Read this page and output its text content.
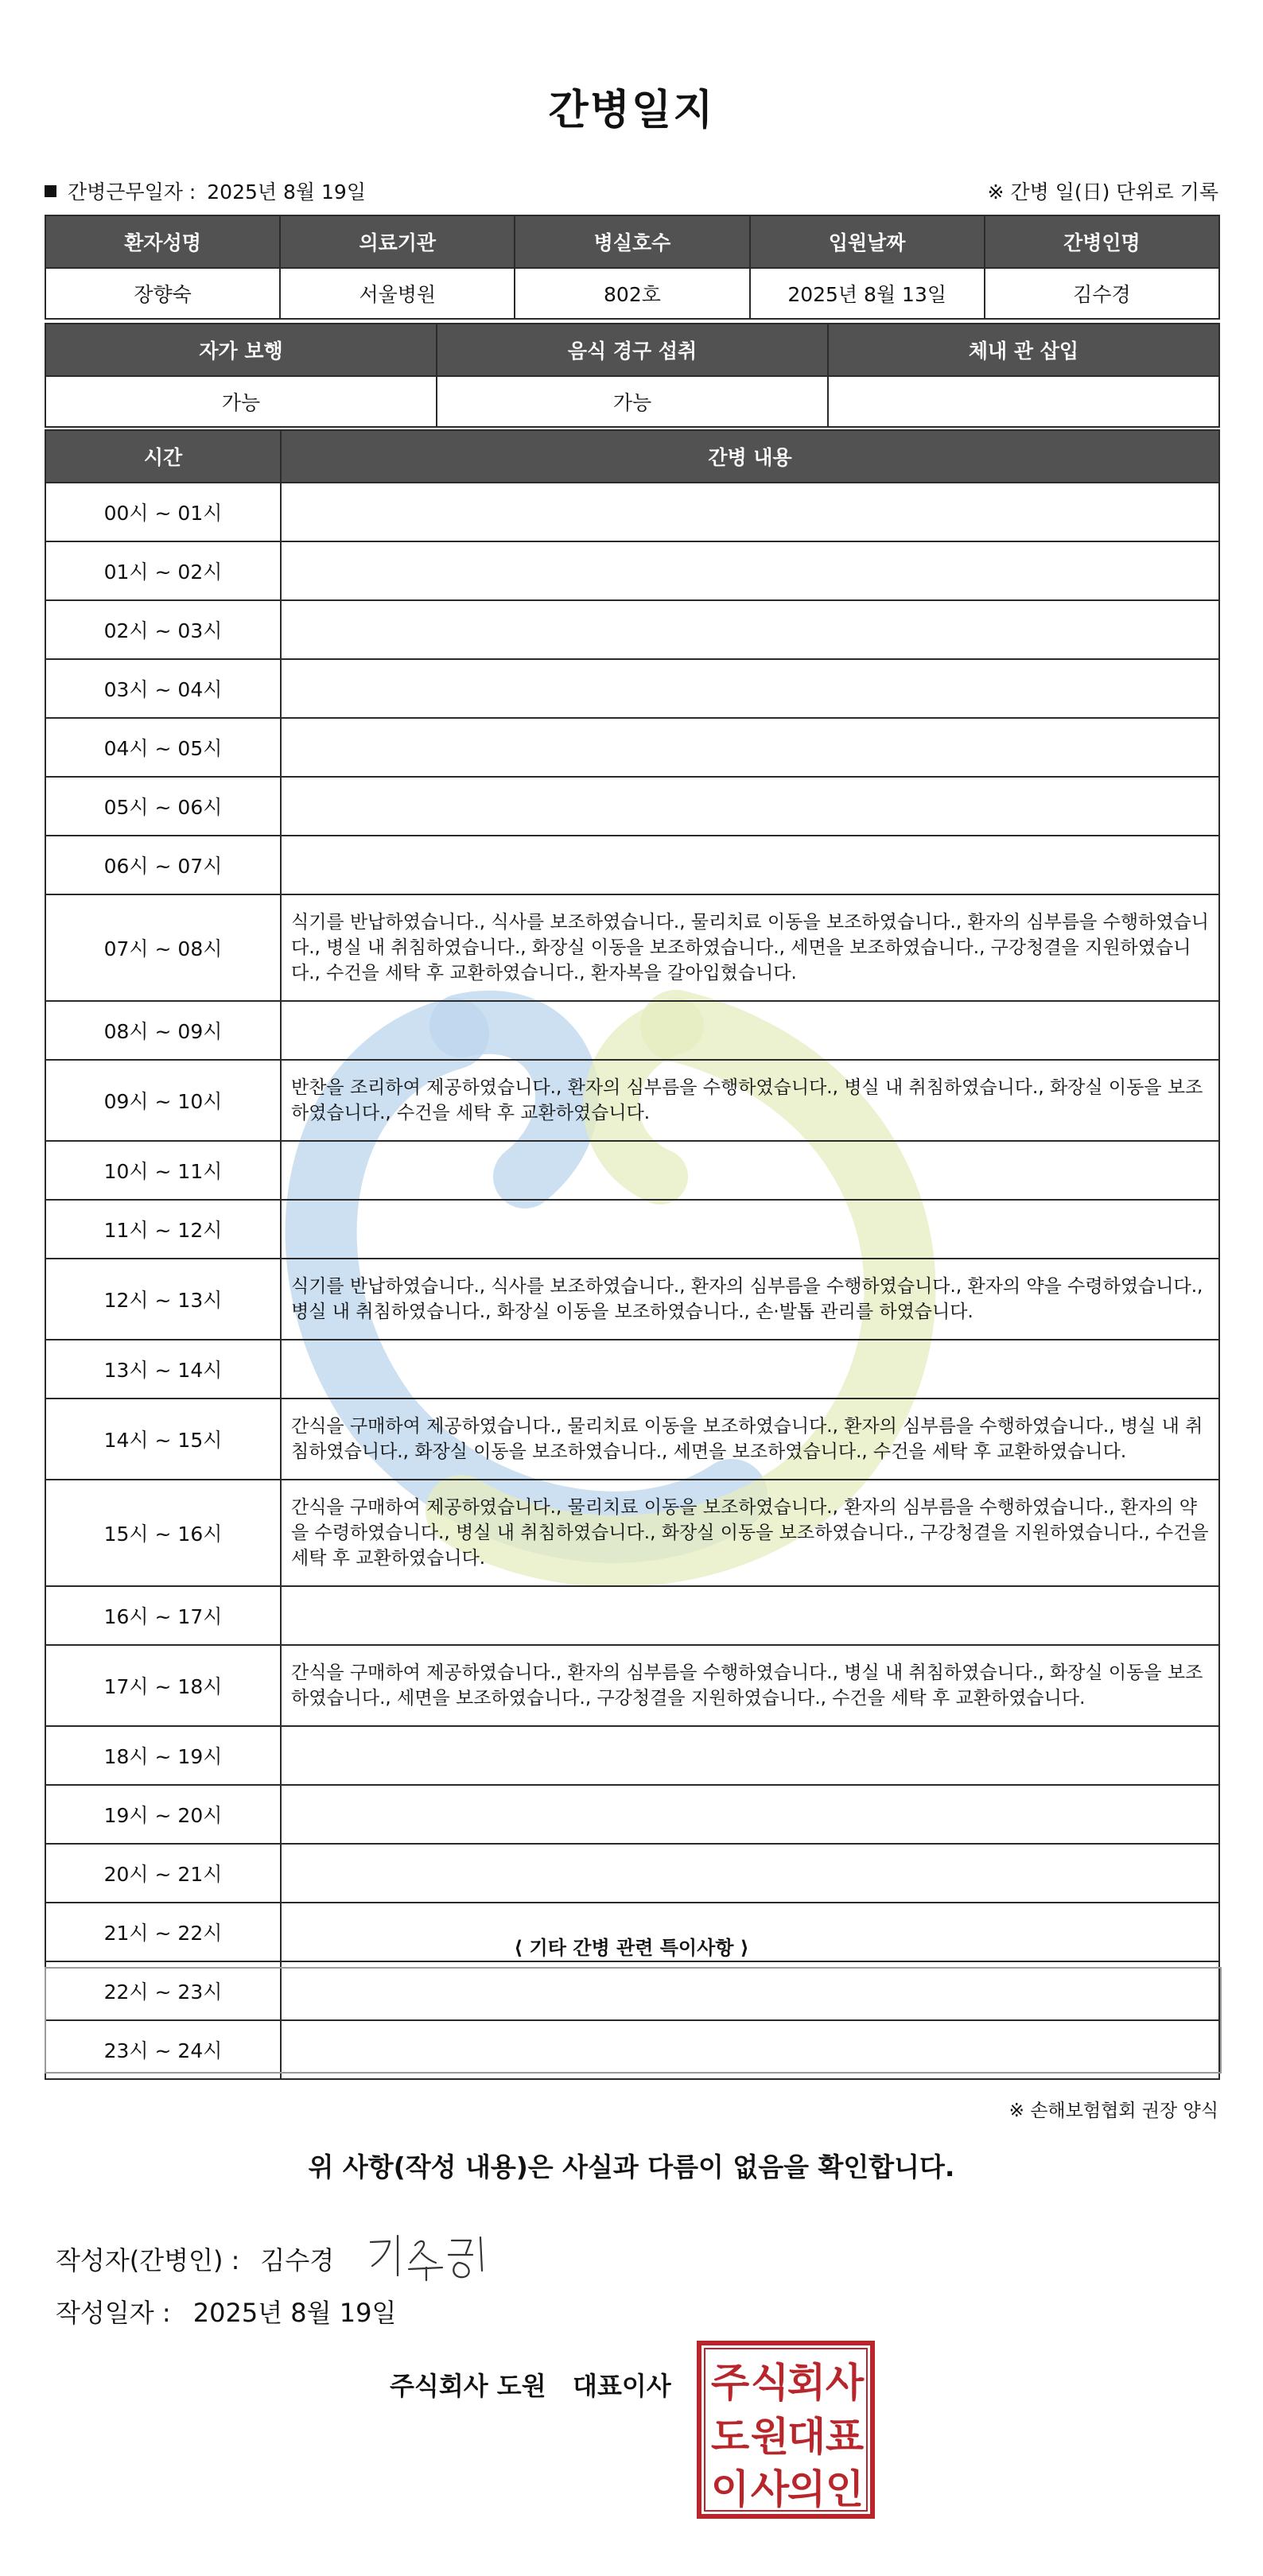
간병일지
간병근무일자 : 2025년 8월 19일	※ 간병 일(日) 단위로 기록
환자성명	의료기관	병실호수	입원날짜	간병인명
장향숙	서울병원	802호	2025년 8월 13일	김수경
자가 보행	음식 경구 섭취	체내 관 삽입
가능	가능	
시간	간병 내용
00시 ~ 01시	
01시 ~ 02시	
02시 ~ 03시	
03시 ~ 04시	
04시 ~ 05시	
05시 ~ 06시	
06시 ~ 07시	
07시 ~ 08시	식기를 반납하였습니다., 식사를 보조하였습니다., 물리치료 이동을 보조하였습니다., 환자의 심부름을 수행하였습니다., 병실 내 취침하였습니다., 화장실 이동을 보조하였습니다., 세면을 보조하였습니다., 구강청결을 지원하였습니다., 수건을 세탁 후 교환하였습니다., 환자복을 갈아입혔습니다.
08시 ~ 09시	
09시 ~ 10시	반찬을 조리하여 제공하였습니다., 환자의 심부름을 수행하였습니다., 병실 내 취침하였습니다., 화장실 이동을 보조하였습니다., 수건을 세탁 후 교환하였습니다.
10시 ~ 11시	
11시 ~ 12시	
12시 ~ 13시	식기를 반납하였습니다., 식사를 보조하였습니다., 환자의 심부름을 수행하였습니다., 환자의 약을 수령하였습니다., 병실 내 취침하였습니다., 화장실 이동을 보조하였습니다., 손·발톱 관리를 하였습니다.
13시 ~ 14시	
14시 ~ 15시	간식을 구매하여 제공하였습니다., 물리치료 이동을 보조하였습니다., 환자의 심부름을 수행하였습니다., 병실 내 취침하였습니다., 화장실 이동을 보조하였습니다., 세면을 보조하였습니다., 수건을 세탁 후 교환하였습니다.
15시 ~ 16시	간식을 구매하여 제공하였습니다., 물리치료 이동을 보조하였습니다., 환자의 심부름을 수행하였습니다., 환자의 약을 수령하였습니다., 병실 내 취침하였습니다., 화장실 이동을 보조하였습니다., 구강청결을 지원하였습니다., 수건을 세탁 후 교환하였습니다.
16시 ~ 17시	
17시 ~ 18시	간식을 구매하여 제공하였습니다., 환자의 심부름을 수행하였습니다., 병실 내 취침하였습니다., 화장실 이동을 보조하였습니다., 세면을 보조하였습니다., 구강청결을 지원하였습니다., 수건을 세탁 후 교환하였습니다.
18시 ~ 19시	
19시 ~ 20시	
20시 ~ 21시	
21시 ~ 22시	
22시 ~ 23시	
23시 ~ 24시	
⟨ 기타 간병 관련 특이사항 ⟩
※ 손해보험협회 권장 양식
위 사항(작성 내용)은 사실과 다름이 없음을 확인합니다.
작성자(간병인) : 김수경
작성일자 : 2025년 8월 19일
주식회사 도원   대표이사 주 식
회 사
도 원
대 표
이 사
의 인
